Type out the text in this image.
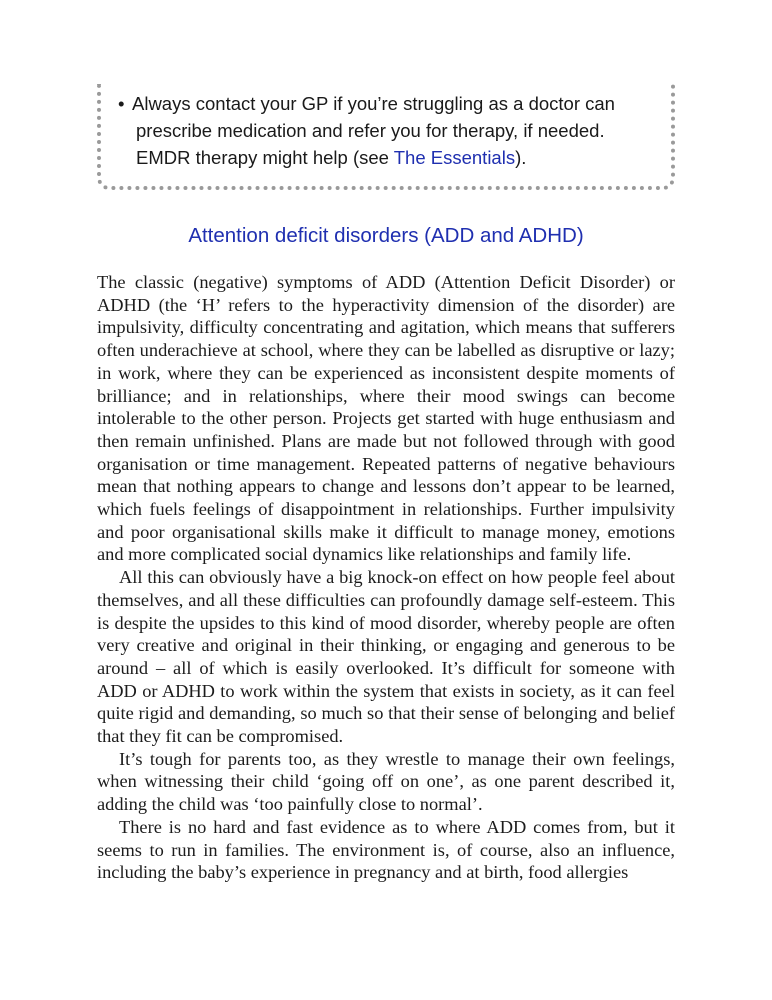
• Always contact your GP if you’re struggling as a doctor can
prescribe medication and refer you for therapy, if needed.
EMDR therapy might help (see The Essentials).

Attention deficit disorders (ADD and ADHD)

The classic (negative) symptoms of ADD (Attention Deficit Disorder) or ADHD (the ‘H’ refers to the hyperactivity dimension of the disorder) are impulsivity, difficulty concentrating and agitation, which means that sufferers often underachieve at school, where they can be labelled as disruptive or lazy; in work, where they can be experienced as inconsistent despite moments of brilliance; and in relationships, where their mood swings can become intolerable to the other person. Projects get started with huge enthusiasm and then remain unfinished. Plans are made but not followed through with good organisation or time management. Repeated patterns of negative behaviours mean that nothing appears to change and lessons don’t appear to be learned, which fuels feelings of disappointment in relationships. Further impulsivity and poor organisational skills make it difficult to manage money, emotions and more complicated social dynamics like relationships and family life.

All this can obviously have a big knock-on effect on how people feel about themselves, and all these difficulties can profoundly damage self-esteem. This is despite the upsides to this kind of mood disorder, whereby people are often very creative and original in their thinking, or engaging and generous to be around – all of which is easily overlooked. It’s difficult for someone with ADD or ADHD to work within the system that exists in society, as it can feel quite rigid and demanding, so much so that their sense of belonging and belief that they fit can be compromised.

It’s tough for parents too, as they wrestle to manage their own feelings, when witnessing their child ‘going off on one’, as one parent described it, adding the child was ‘too painfully close to normal’.

There is no hard and fast evidence as to where ADD comes from, but it seems to run in families. The environment is, of course, also an influence, including the baby’s experience in pregnancy and at birth, food allergies
